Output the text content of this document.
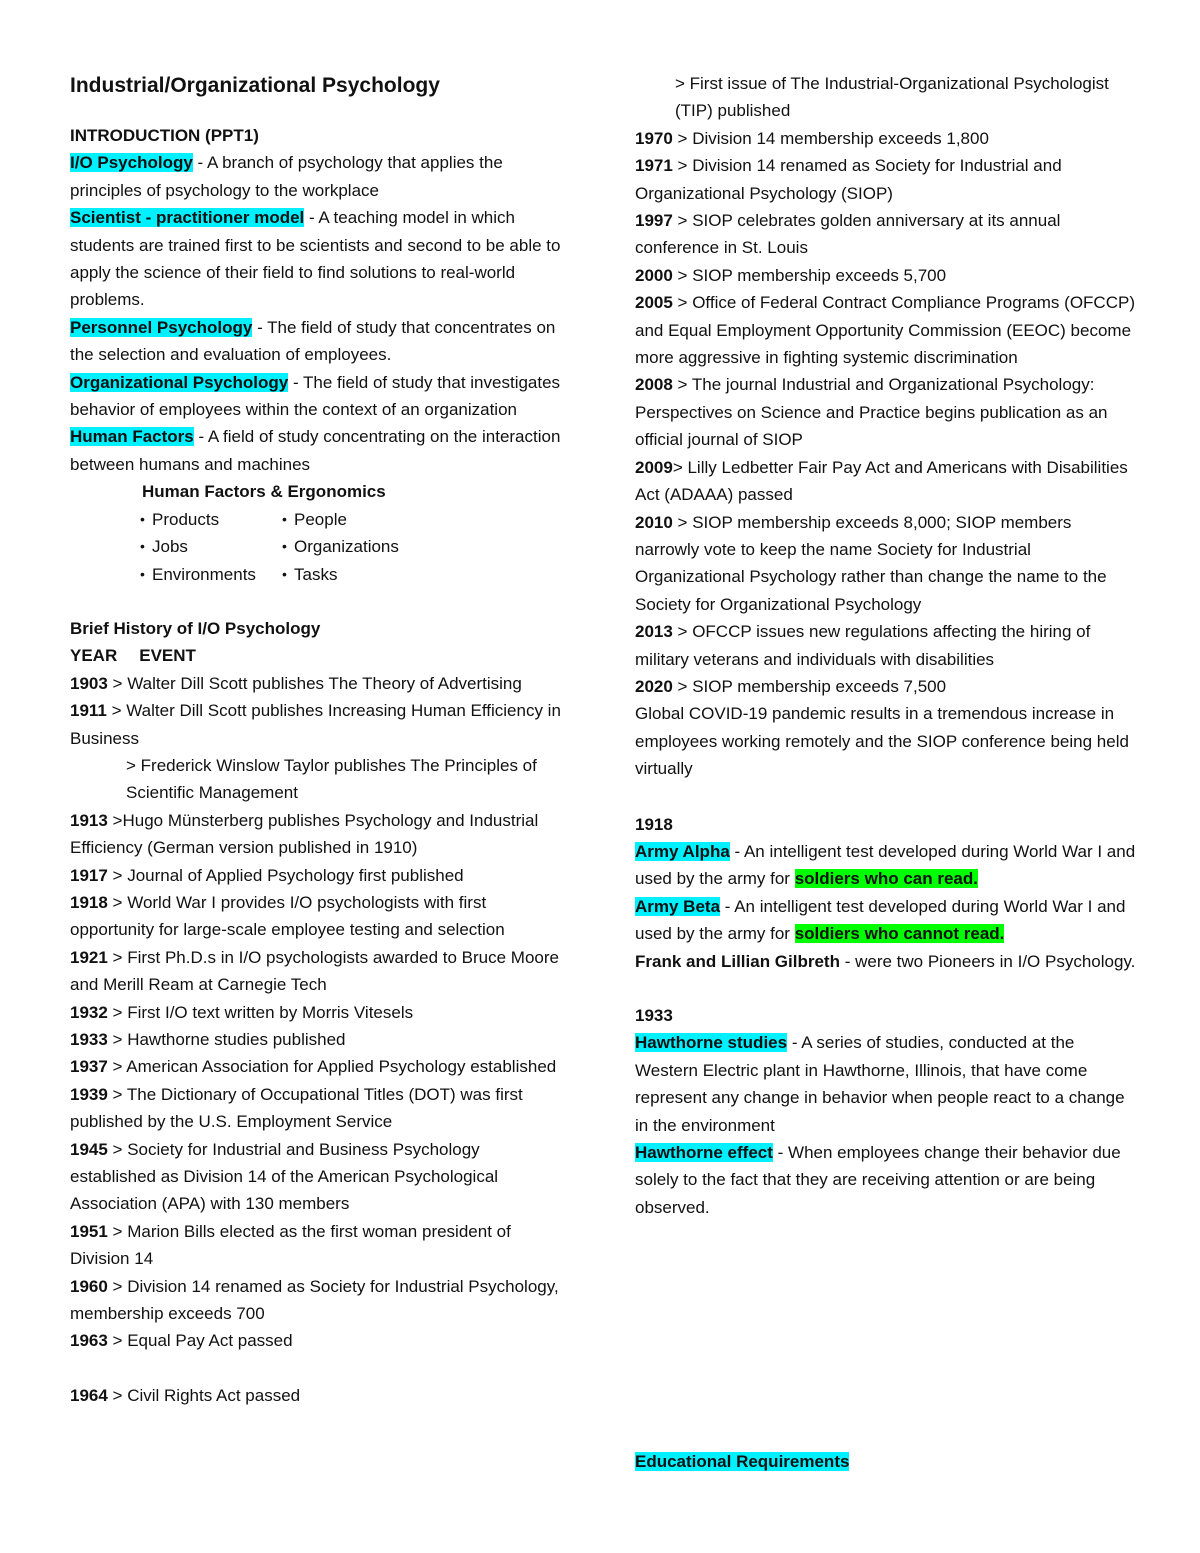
Industrial/Organizational Psychology

INTRODUCTION (PPT1)

I/O Psychology - A branch of psychology that applies the principles of psychology to the workplace

Scientist - practitioner model - A teaching model in which students are trained first to be scientists and second to be able to apply the science of their field to find solutions to real-world problems.

Personnel Psychology - The field of study that concentrates on the selection and evaluation of employees.

Organizational Psychology - The field of study that investigates behavior of employees within the context of an organization

Human Factors - A field of study concentrating on the interaction between humans and machines

Human Factors & Ergonomics

• Products	• People
• Jobs	• Organizations
• Environments	• Tasks

Brief History of I/O Psychology

YEAR EVENT

1903 > Walter Dill Scott publishes The Theory of Advertising

1911 > Walter Dill Scott publishes Increasing Human Efficiency in Business

> Frederick Winslow Taylor publishes The Principles of Scientific Management

1913 >Hugo Münsterberg publishes Psychology and Industrial Efficiency (German version published in 1910)

1917 > Journal of Applied Psychology first published

1918 > World War I provides I/O psychologists with first opportunity for large-scale employee testing and selection

1921 > First Ph.D.s in I/O psychologists awarded to Bruce Moore and Merill Ream at Carnegie Tech

1932 > First I/O text written by Morris Vitesels

1933 > Hawthorne studies published

1937 > American Association for Applied Psychology established

1939 > The Dictionary of Occupational Titles (DOT) was first published by the U.S. Employment Service

1945 > Society for Industrial and Business Psychology established as Division 14 of the American Psychological Association (APA) with 130 members

1951 > Marion Bills elected as the first woman president of Division 14

1960 > Division 14 renamed as Society for Industrial Psychology, membership exceeds 700

1963 > Equal Pay Act passed

1964 > Civil Rights Act passed

> First issue of The Industrial-Organizational Psychologist (TIP) published

1970 > Division 14 membership exceeds 1,800

1971 > Division 14 renamed as Society for Industrial and Organizational Psychology (SIOP)

1997 > SIOP celebrates golden anniversary at its annual conference in St. Louis

2000 > SIOP membership exceeds 5,700

2005 > Office of Federal Contract Compliance Programs (OFCCP) and Equal Employment Opportunity Commission (EEOC) become more aggressive in fighting systemic discrimination

2008 > The journal Industrial and Organizational Psychology: Perspectives on Science and Practice begins publication as an official journal of SIOP

2009> Lilly Ledbetter Fair Pay Act and Americans with Disabilities Act (ADAAA) passed

2010 > SIOP membership exceeds 8,000; SIOP members narrowly vote to keep the name Society for Industrial Organizational Psychology rather than change the name to the Society for Organizational Psychology

2013 > OFCCP issues new regulations affecting the hiring of military veterans and individuals with disabilities

2020 > SIOP membership exceeds 7,500

Global COVID-19 pandemic results in a tremendous increase in employees working remotely and the SIOP conference being held virtually

1918

Army Alpha - An intelligent test developed during World War I and used by the army for soldiers who can read.

Army Beta - An intelligent test developed during World War I and used by the army for soldiers who cannot read.

Frank and Lillian Gilbreth - were two Pioneers in I/O Psychology.

1933

Hawthorne studies - A series of studies, conducted at the Western Electric plant in Hawthorne, Illinois, that have come represent any change in behavior when people react to a change in the environment

Hawthorne effect - When employees change their behavior due solely to the fact that they are receiving attention or are being observed.

Educational Requirements
